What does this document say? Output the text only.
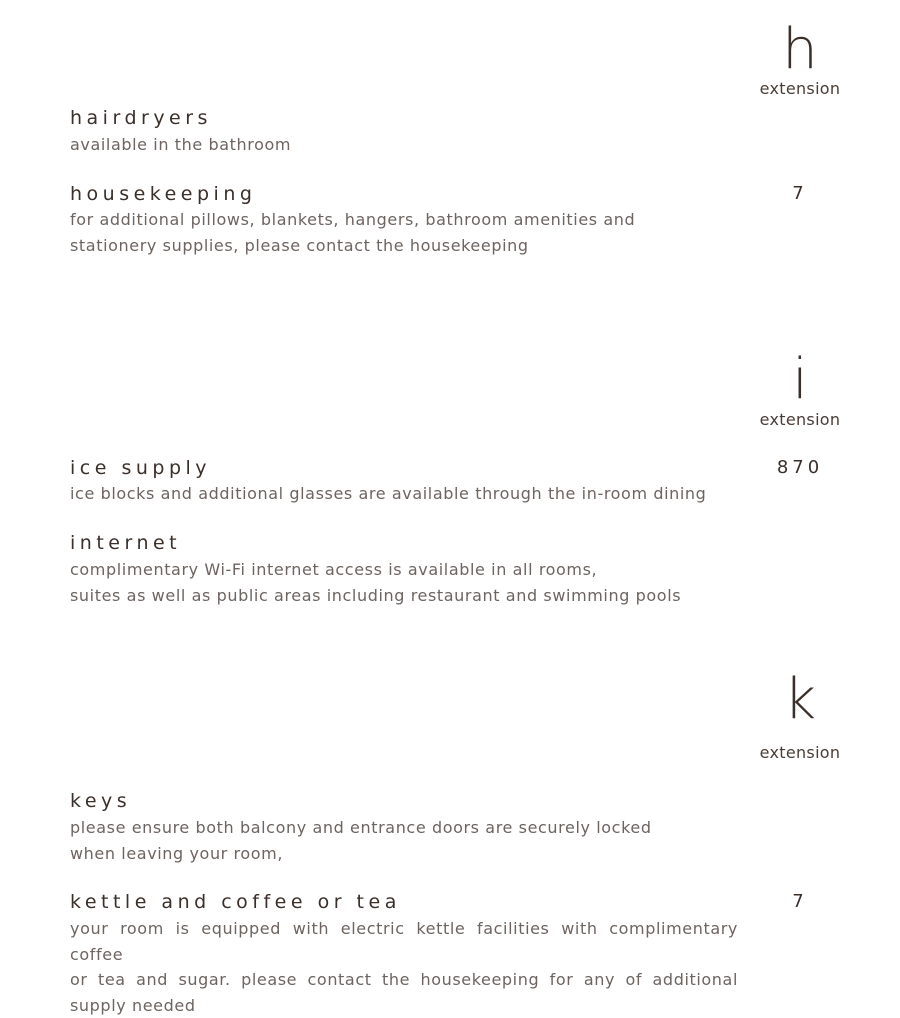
h
extension
hairdryers
available in the bathroom
housekeeping	7
for additional pillows, blankets, hangers, bathroom amenities and
stationery supplies, please contact the housekeeping
i
extension
ice supply	870
ice blocks and additional glasses are available through the in-room dining
internet
complimentary Wi-Fi internet access is available in all rooms,
suites as well as public areas including restaurant and swimming pools
k
extension
keys
please ensure both balcony and entrance doors are securely locked
when leaving your room,
kettle and coffee or tea	7
your room is equipped with electric kettle facilities with complimentary coffee
or tea and sugar. please contact the housekeeping for any of additional
supply needed
